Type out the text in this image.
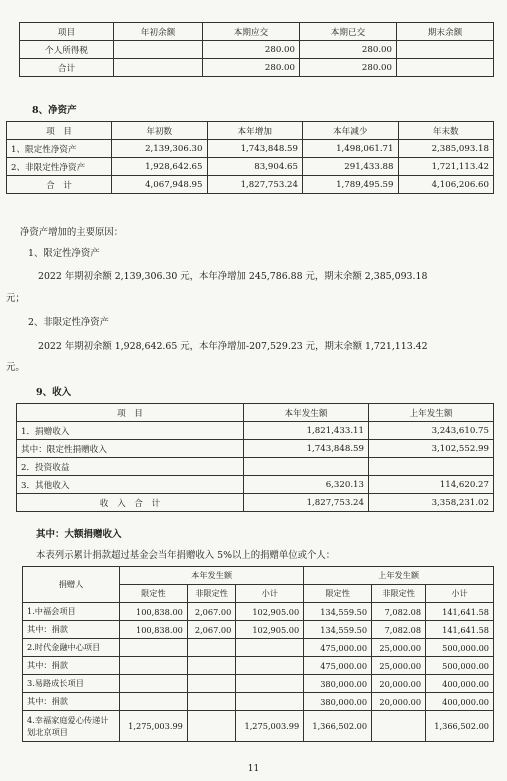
项目	年初余额	本期应交	本期已交	期末余额
个人所得税		280.00	280.00	
合计		280.00	280.00	
8、净资产
项　目	年初数	本年增加	本年减少	年末数
1、限定性净资产	2,139,306.30	1,743,848.59	1,498,061.71	2,385,093.18
2、非限定性净资产	1,928,642.65	83,904.65	291,433.88	1,721,113.42
合　计	4,067,948.95	1,827,753.24	1,789,495.59	4,106,206.60
净资产增加的主要原因：
1、限定性净资产
2022 年期初余额 2,139,306.30 元，本年净增加 245,786.88 元，期末余额 2,385,093.18
元；
2、非限定性净资产
2022 年期初余额 1,928,642.65 元，本年净增加-207,529.23 元，期末余额 1,721,113.42
元。
9、收入
项　目	本年发生额	上年发生额
1．捐赠收入	1,821,433.11	3,243,610.75
其中：限定性捐赠收入	1,743,848.59	3,102,552.99
2．投资收益		
3．其他收入	6,320.13	114,620.27
收　入　合　计	1,827,753.24	3,358,231.02
其中：大额捐赠收入
本表列示累计捐款超过基金会当年捐赠收入 5%以上的捐赠单位或个人：
捐赠人	本年发生额			上年发生额		
	限定性	非限定性	小计	限定性	非限定性	小计
1.中福会项目	100,838.00	2,067.00	102,905.00	134,559.50	7,082.08	141,641.58
其中：捐款	100,838.00	2,067.00	102,905.00	134,559.50	7,082.08	141,641.58
2.时代金融中心项目				475,000.00	25,000.00	500,000.00
其中：捐款				475,000.00	25,000.00	500,000.00
3.易路成长项目				380,000.00	20,000.00	400,000.00
其中：捐款				380,000.00	20,000.00	400,000.00
4.幸福家庭爱心传递计划北京项目	1,275,003.99		1,275,003.99	1,366,502.00		1,366,502.00
11
